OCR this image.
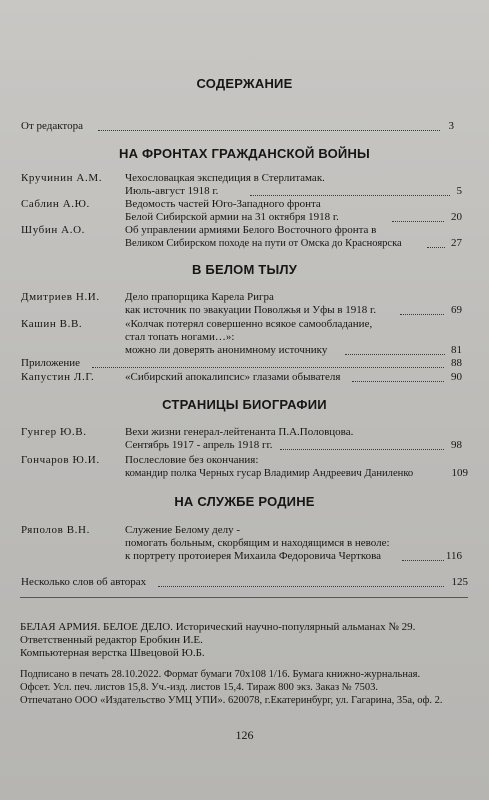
СОДЕРЖАНИЕ
От редактора	3
НА ФРОНТАХ ГРАЖДАНСКОЙ ВОЙНЫ
Кручинин А.М. Чехословацкая экспедиция в Стерлитамак.
Июль-август 1918 г.	5
Саблин А.Ю.	Ведомость частей Юго-Западного фронта
Белой Сибирской армии на 31 октября 1918 г.	20
Шубин А.О.	Об управлении армиями Белого Восточного фронта в
Великом Сибирском походе на пути от Омска до Красноярска	27
В БЕЛОМ ТЫЛУ
Дмитриев Н.И. Дело прапорщика Карела Ригра
как источник по эвакуации Поволжья и Уфы в 1918 г.	69
Кашин В.В.	«Колчак потерял совершенно всякое самообладание,
стал топать ногами…»:
можно ли доверять анонимному источнику	81
Приложение	88
Капустин Л.Г.	«Сибирский апокалипсис» глазами обывателя	90
СТРАНИЦЫ БИОГРАФИИ
Гунгер Ю.В.	Вехи жизни генерал-лейтенанта П.А.Половцова.
Сентябрь 1917 - апрель 1918 гг.	98
Гончаров Ю.И. Послесловие без окончания:
командир полка Черных гусар Владимир Андреевич Даниленко	109
НА СЛУЖБЕ РОДИНЕ
Ряполов В.Н.	Служение Белому делу -
помогать больным, скорбящим и находящимся в неволе:
к портрету протоиерея Михаила Федоровича Черткова	116
Несколько слов об авторах	125
БЕЛАЯ АРМИЯ. БЕЛОЕ ДЕЛО. Исторический научно-популярный альманах № 29.
Ответственный редактор Еробкин И.Е.
Компьютерная верстка Швецовой Ю.Б.
Подписано в печать 28.10.2022. Формат бумаги 70x108 1/16. Бумага книжно-журнальная.
Офсет. Усл. печ. листов 15,8. Уч.-изд. листов 15,4. Тираж 800 экз. Заказ № 7503.
Отпечатано ООО «Издательство УМЦ УПИ». 620078, г.Екатеринбург, ул. Гагарина, 35а, оф. 2.
126
